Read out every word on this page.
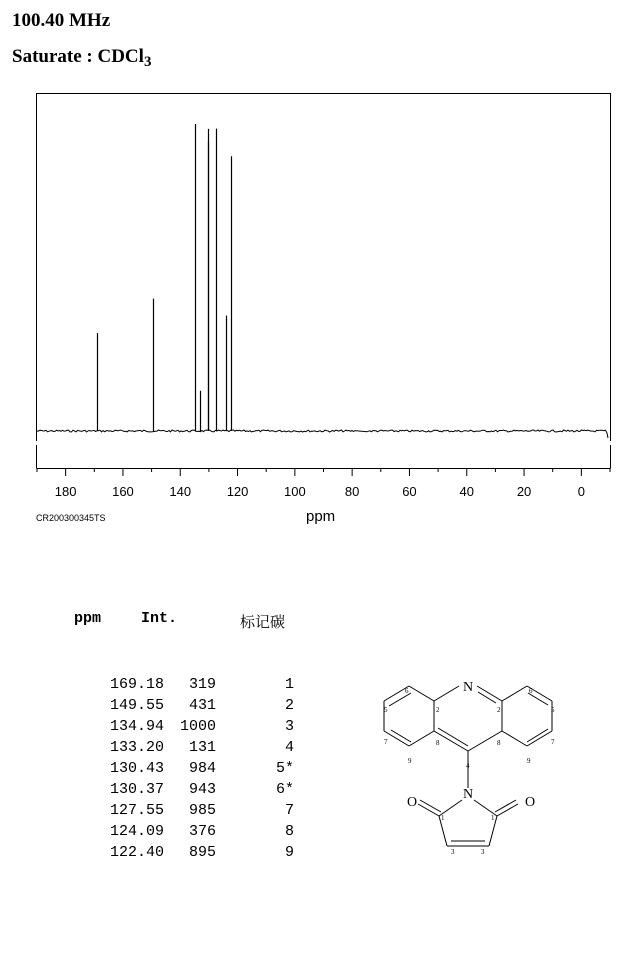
100.40 MHz
Saturate : CDCl$_3$
180	160	140	120	100	80	60	40	20	0
CR200300345TS	ppm
ppm	Int.	标记碳
169.18 319	1
149.55 431	2
134.94 1000	3
133.20 131	4
130.43 984	5*
130.37 943	6*
127.55 985	7
124.09 376	8
122.40 895	9
N
N
O	O
6	6
5	5
2	2
7	7
8	8
9	9
4
1	1
3	3
